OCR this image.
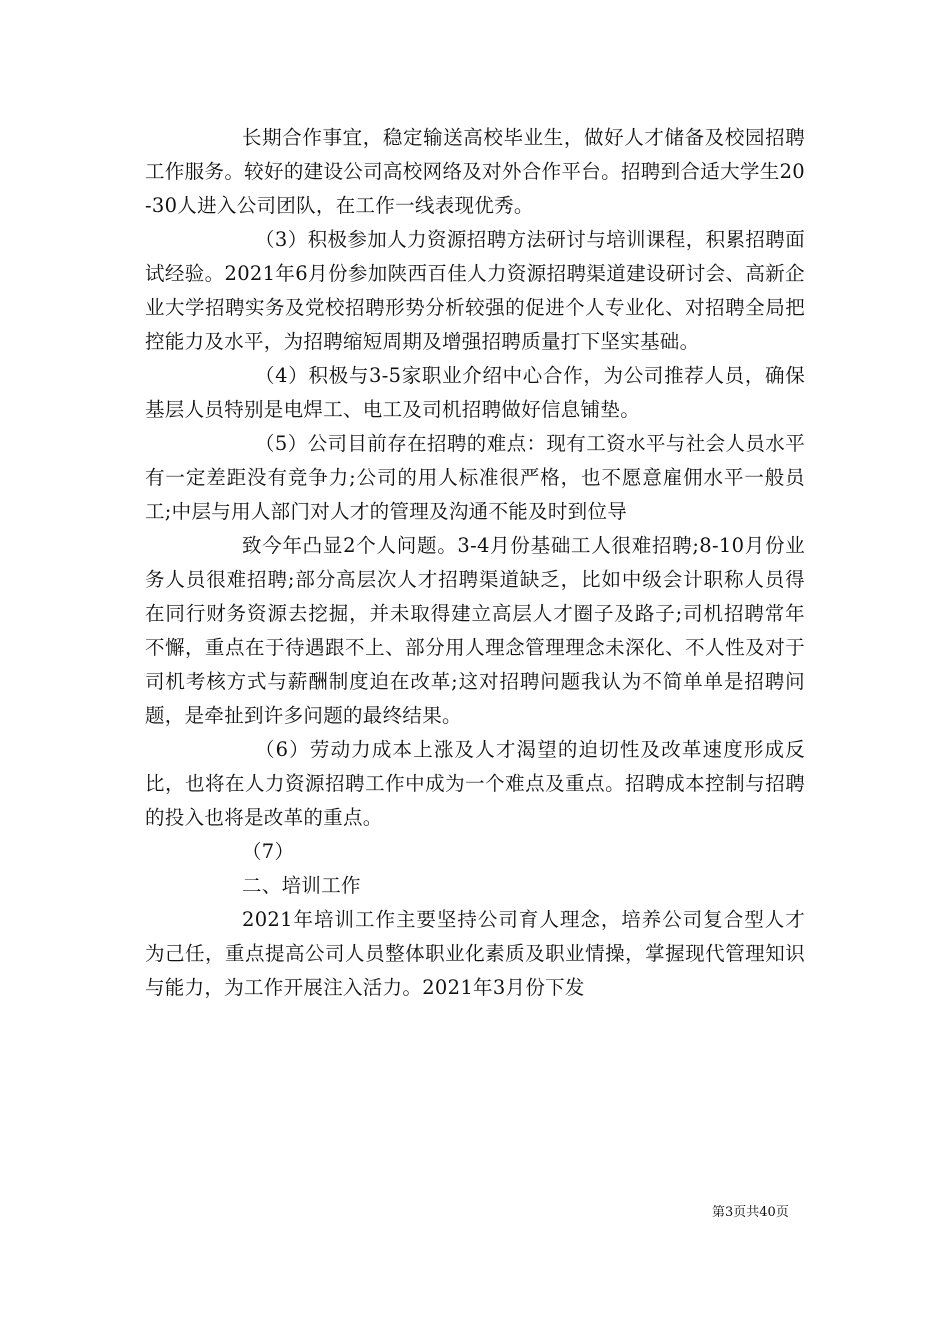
长期合作事宜，稳定输送高校毕业生，做好人才储备及校园招聘工作服务。较好的建设公司高校网络及对外合作平台。招聘到合适大学生20-30人进入公司团队，在工作一线表现优秀。

（3）积极参加人力资源招聘方法研讨与培训课程，积累招聘面试经验。2021年6月份参加陕西百佳人力资源招聘渠道建设研讨会、高新企业大学招聘实务及党校招聘形势分析较强的促进个人专业化、对招聘全局把控能力及水平，为招聘缩短周期及增强招聘质量打下坚实基础。

（4）积极与3-5家职业介绍中心合作，为公司推荐人员，确保基层人员特别是电焊工、电工及司机招聘做好信息铺垫。

（5）公司目前存在招聘的难点：现有工资水平与社会人员水平有一定差距没有竞争力;公司的用人标准很严格，也不愿意雇佣水平一般员工;中层与用人部门对人才的管理及沟通不能及时到位导

致今年凸显2个人问题。3-4月份基础工人很难招聘;8-10月份业务人员很难招聘;部分高层次人才招聘渠道缺乏，比如中级会计职称人员得在同行财务资源去挖掘，并未取得建立高层人才圈子及路子;司机招聘常年不懈，重点在于待遇跟不上、部分用人理念管理理念未深化、不人性及对于司机考核方式与薪酬制度迫在改革;这对招聘问题我认为不简单单是招聘问题，是牵扯到许多问题的最终结果。

（6）劳动力成本上涨及人才渴望的迫切性及改革速度形成反比，也将在人力资源招聘工作中成为一个难点及重点。招聘成本控制与招聘的投入也将是改革的重点。

（7）

二、培训工作

2021年培训工作主要坚持公司育人理念，培养公司复合型人才为己任，重点提高公司人员整体职业化素质及职业情操，掌握现代管理知识与能力，为工作开展注入活力。2021年3月份下发

第3页共40页
